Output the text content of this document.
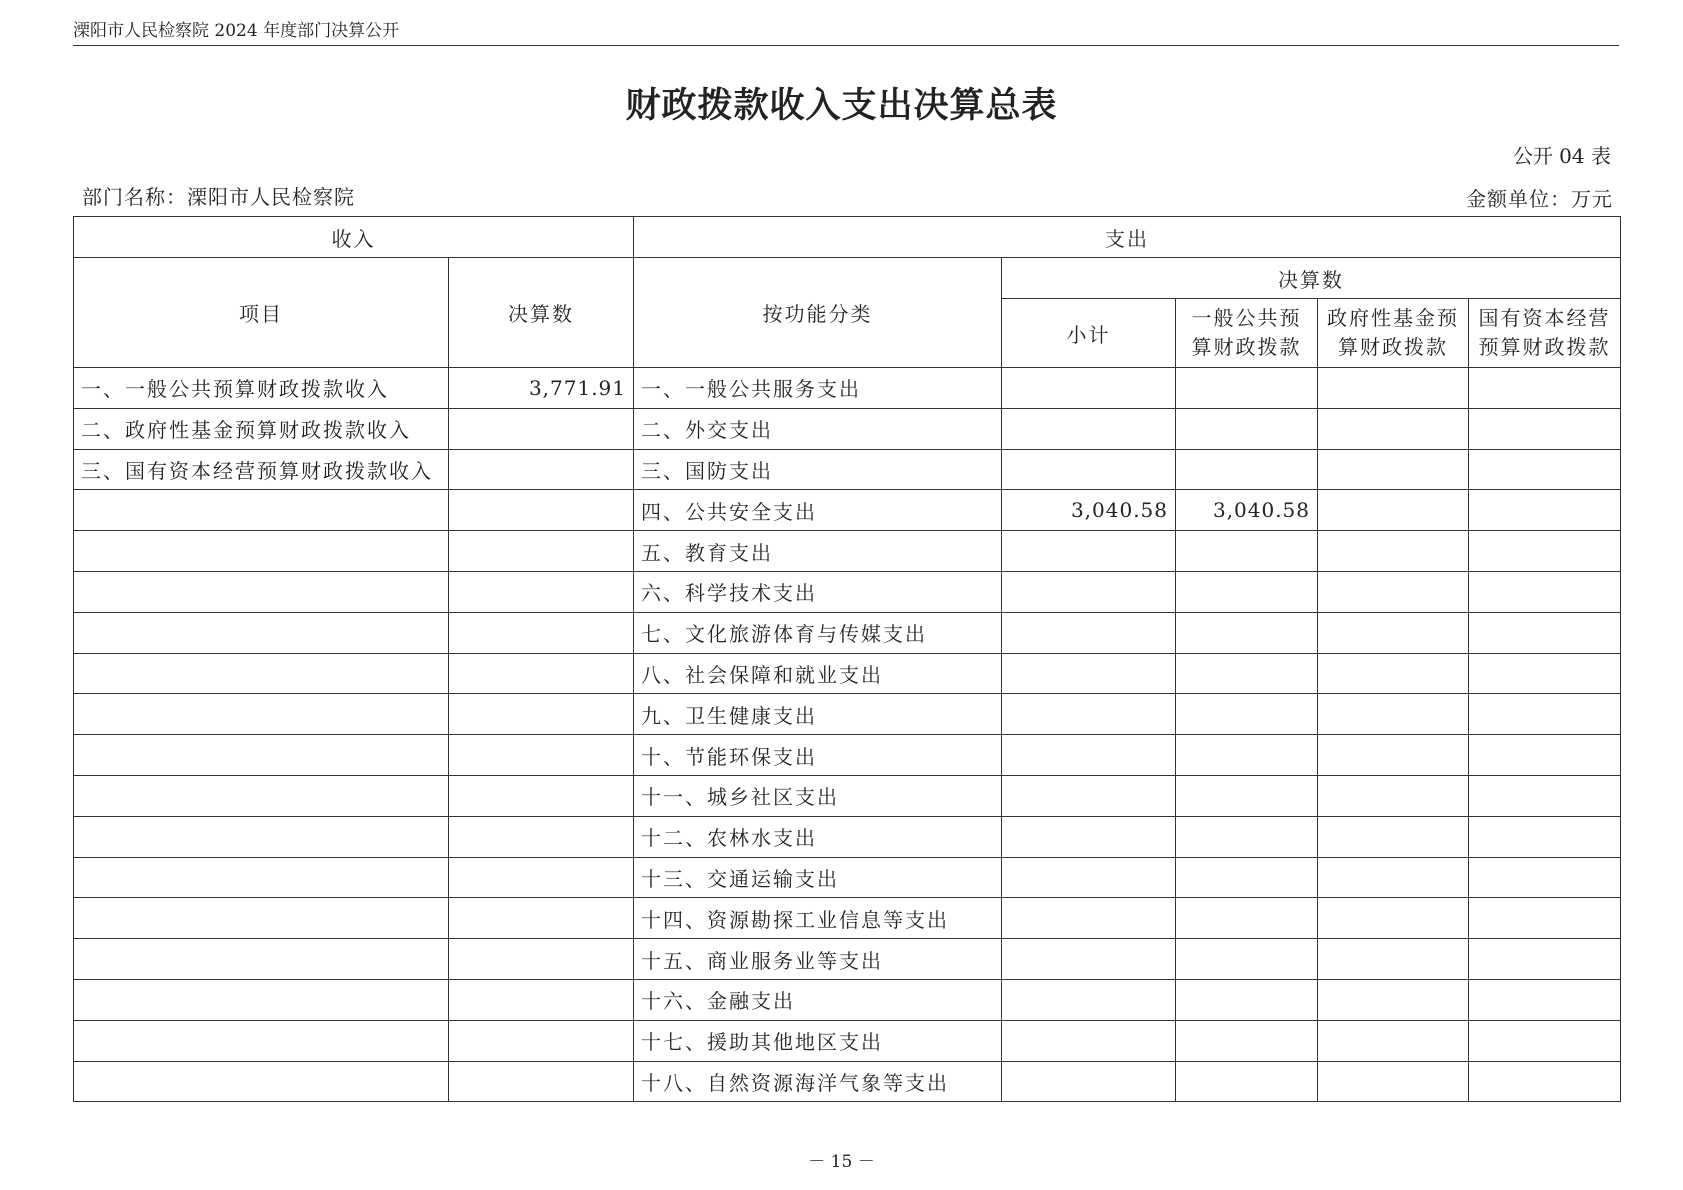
溧阳市人民检察院 2024 年度部门决算公开
财政拨款收入支出决算总表
公开 04 表
部门名称：溧阳市人民检察院	金额单位：万元
收入		支出				
项目	决算数	按功能分类	决算数			
			小计	一般公共预算财政拨款	政府性基金预算财政拨款	国有资本经营预算财政拨款
一、一般公共预算财政拨款收入	3,771.91	一、一般公共服务支出				
二、政府性基金预算财政拨款收入		二、外交支出				
三、国有资本经营预算财政拨款收入		三、国防支出				
		四、公共安全支出	3,040.58	3,040.58		
		五、教育支出				
		六、科学技术支出				
		七、文化旅游体育与传媒支出				
		八、社会保障和就业支出				
		九、卫生健康支出				
		十、节能环保支出				
		十一、城乡社区支出				
		十二、农林水支出				
		十三、交通运输支出				
		十四、资源勘探工业信息等支出				
		十五、商业服务业等支出				
		十六、金融支出				
		十七、援助其他地区支出				
		十八、自然资源海洋气象等支出				
－ 15 －
